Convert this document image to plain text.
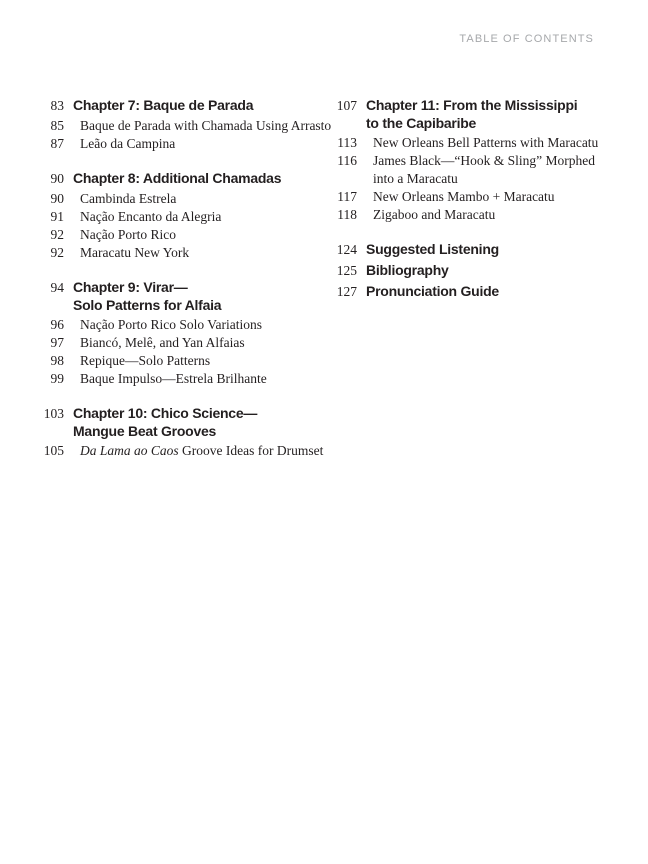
TABLE OF CONTENTS
83 Chapter 7: Baque de Parada
85 Baque de Parada with Chamada Using Arrasto
87 Leão da Campina
90 Chapter 8: Additional Chamadas
90 Cambinda Estrela
91 Nação Encanto da Alegria
92 Nação Porto Rico
92 Maracatu New York
94 Chapter 9: Virar—
Solo Patterns for Alfaia
96 Nação Porto Rico Solo Variations
97 Biancó, Melê, and Yan Alfaias
98 Repique—Solo Patterns
99 Baque Impulso—Estrela Brilhante
103 Chapter 10: Chico Science—
Mangue Beat Grooves
105 Da Lama ao Caos Groove Ideas for Drumset
107 Chapter 11: From the Mississippi
to the Capibaribe
113 New Orleans Bell Patterns with Maracatu
116 James Black—“Hook & Sling” Morphed
into a Maracatu
117 New Orleans Mambo + Maracatu
118 Zigaboo and Maracatu
124 Suggested Listening
125 Bibliography
127 Pronunciation Guide
